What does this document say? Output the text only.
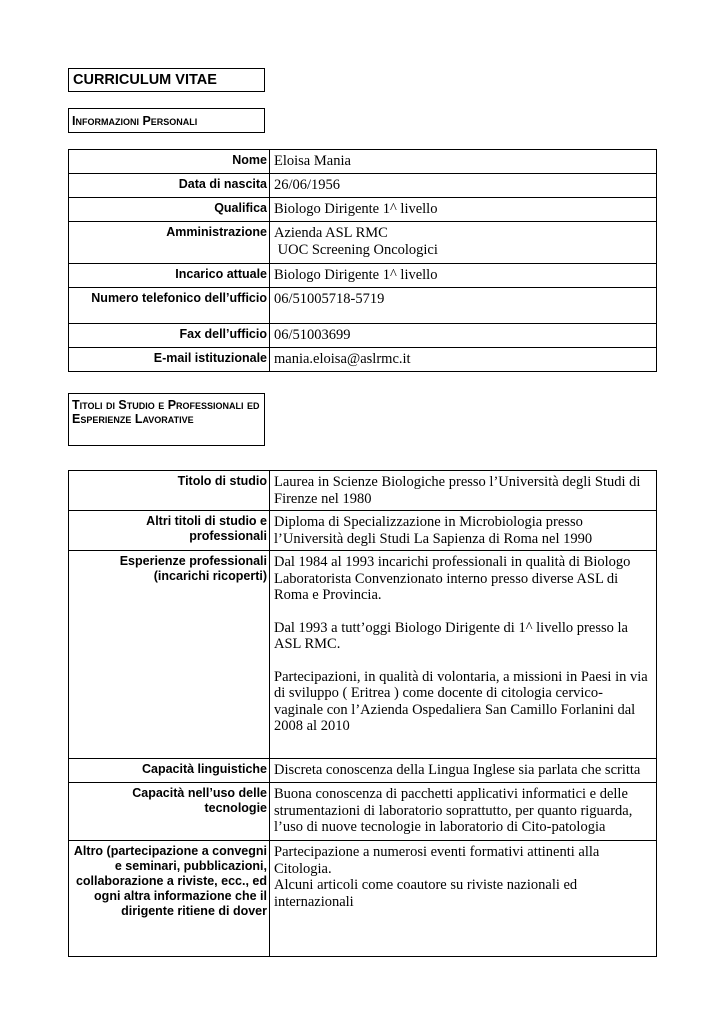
CURRICULUM VITAE
Informazioni Personali
Nome	Eloisa Mania
Data di nascita	26/06/1956
Qualifica	Biologo Dirigente 1^ livello
Amministrazione	Azienda ASL RMC
UOC Screening Oncologici

Incarico attuale	Biologo Dirigente 1^ livello
Numero telefonico dell’ufficio	06/51005718-5719
Fax dell’ufficio	06/51003699
E-mail istituzionale	mania.eloisa@aslrmc.it
Titoli di Studio e Professionali ed Esperienze Lavorative
Titolo di studio	Laurea in Scienze Biologiche presso l’Università degli Studi di Firenze nel 1980
Altri titoli di studio e professionali	Diploma di Specializzazione in Microbiologia presso l’Università degli Studi La Sapienza di Roma nel 1990
Esperienze professionali (incarichi ricoperti)	Dal 1984 al 1993 incarichi professionali in qualità di Biologo Laboratorista Convenzionato interno presso diverse ASL di Roma e Provincia.

Dal 1993 a tutt’oggi Biologo Dirigente di 1^ livello presso la ASL RMC.

Partecipazioni, in qualità di volontaria, a missioni in Paesi in via di sviluppo ( Eritrea ) come docente di citologia cervico-vaginale con l’Azienda Ospedaliera San Camillo Forlanini dal 2008 al 2010

Capacità linguistiche	Discreta conoscenza della Lingua Inglese sia parlata che scritta
Capacità nell’uso delle tecnologie	Buona conoscenza di pacchetti applicativi informatici e delle strumentazioni di laboratorio soprattutto, per quanto riguarda, l’uso di nuove tecnologie in laboratorio di Cito-patologia
Altro (partecipazione a convegni e seminari, pubblicazioni, collaborazione a riviste, ecc., ed ogni altra informazione che il dirigente ritiene di dover	Partecipazione a numerosi eventi formativi attinenti alla Citologia.
Alcuni articoli come coautore su riviste nazionali ed internazionali
